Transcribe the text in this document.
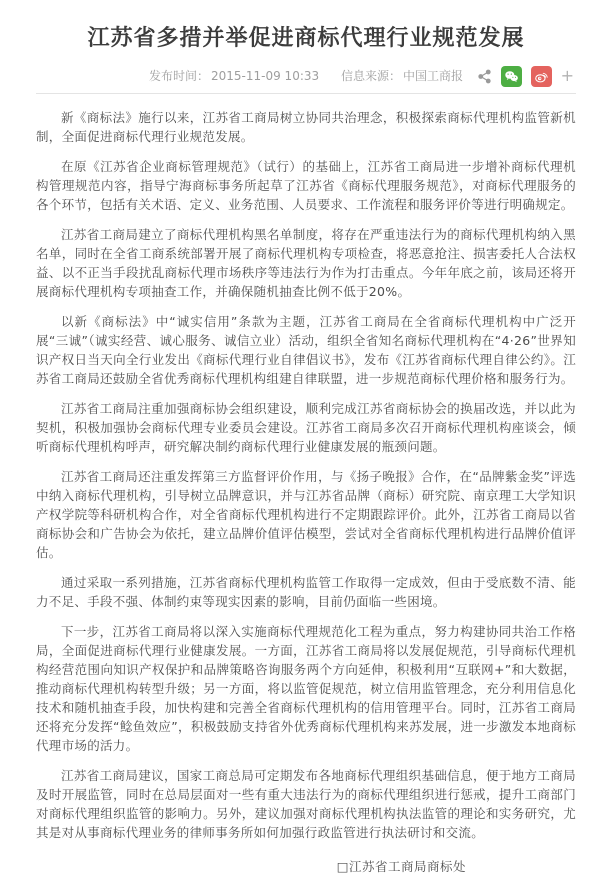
江苏省多措并举促进商标代理行业规范发展
发布时间： 2015-11-09 10:33 信息来源： 中国工商报	+

新《商标法》施行以来，江苏省工商局树立协同共治理念，积极探索商标代理机构监管新机制，全面促进商标代理行业规范发展。

在原《江苏省企业商标管理规范》（试行）的基础上，江苏省工商局进一步增补商标代理机构管理规范内容，指导宁海商标事务所起草了江苏省《商标代理服务规范》，对商标代理服务的各个环节，包括有关术语、定义、业务范围、人员要求、工作流程和服务评价等进行明确规定。

江苏省工商局建立了商标代理机构黑名单制度，将存在严重违法行为的商标代理机构纳入黑名单，同时在全省工商系统部署开展了商标代理机构专项检查，将恶意抢注、损害委托人合法权益、以不正当手段扰乱商标代理市场秩序等违法行为作为打击重点。今年年底之前，该局还将开展商标代理机构专项抽查工作，并确保随机抽查比例不低于20%。

以新《商标法》中“诚实信用”条款为主题，江苏省工商局在全省商标代理机构中广泛开展“三诚”（诚实经营、诚心服务、诚信立业）活动，组织全省知名商标代理机构在“4·26”世界知识产权日当天向全行业发出《商标代理行业自律倡议书》，发布《江苏省商标代理自律公约》。江苏省工商局还鼓励全省优秀商标代理机构组建自律联盟，进一步规范商标代理价格和服务行为。

江苏省工商局注重加强商标协会组织建设，顺利完成江苏省商标协会的换届改选，并以此为契机，积极加强协会商标代理专业委员会建设。江苏省工商局多次召开商标代理机构座谈会，倾听商标代理机构呼声，研究解决制约商标代理行业健康发展的瓶颈问题。

江苏省工商局还注重发挥第三方监督评价作用，与《扬子晚报》合作，在“品牌紫金奖”评选中纳入商标代理机构，引导树立品牌意识，并与江苏省品牌（商标）研究院、南京理工大学知识产权学院等科研机构合作，对全省商标代理机构进行不定期跟踪评价。此外，江苏省工商局以省商标协会和广告协会为依托，建立品牌价值评估模型，尝试对全省商标代理机构进行品牌价值评估。

通过采取一系列措施，江苏省商标代理机构监管工作取得一定成效，但由于受底数不清、能力不足、手段不强、体制约束等现实因素的影响，目前仍面临一些困境。

下一步，江苏省工商局将以深入实施商标代理规范化工程为重点，努力构建协同共治工作格局，全面促进商标代理行业健康发展。一方面，江苏省工商局将以发展促规范，引导商标代理机构经营范围向知识产权保护和品牌策略咨询服务两个方向延伸，积极利用“互联网+”和大数据，推动商标代理机构转型升级；另一方面，将以监管促规范，树立信用监管理念，充分利用信息化技术和随机抽查手段，加快构建和完善全省商标代理机构的信用管理平台。同时，江苏省工商局还将充分发挥“鲶鱼效应”，积极鼓励支持省外优秀商标代理机构来苏发展，进一步激发本地商标代理市场的活力。

江苏省工商局建议，国家工商总局可定期发布各地商标代理组织基础信息，便于地方工商局及时开展监管，同时在总局层面对一些有重大违法行为的商标代理组织进行惩戒，提升工商部门对商标代理组织监管的影响力。另外，建议加强对商标代理机构执法监管的理论和实务研究，尤其是对从事商标代理业务的律师事务所如何加强行政监管进行执法研讨和交流。

□江苏省工商局商标处
